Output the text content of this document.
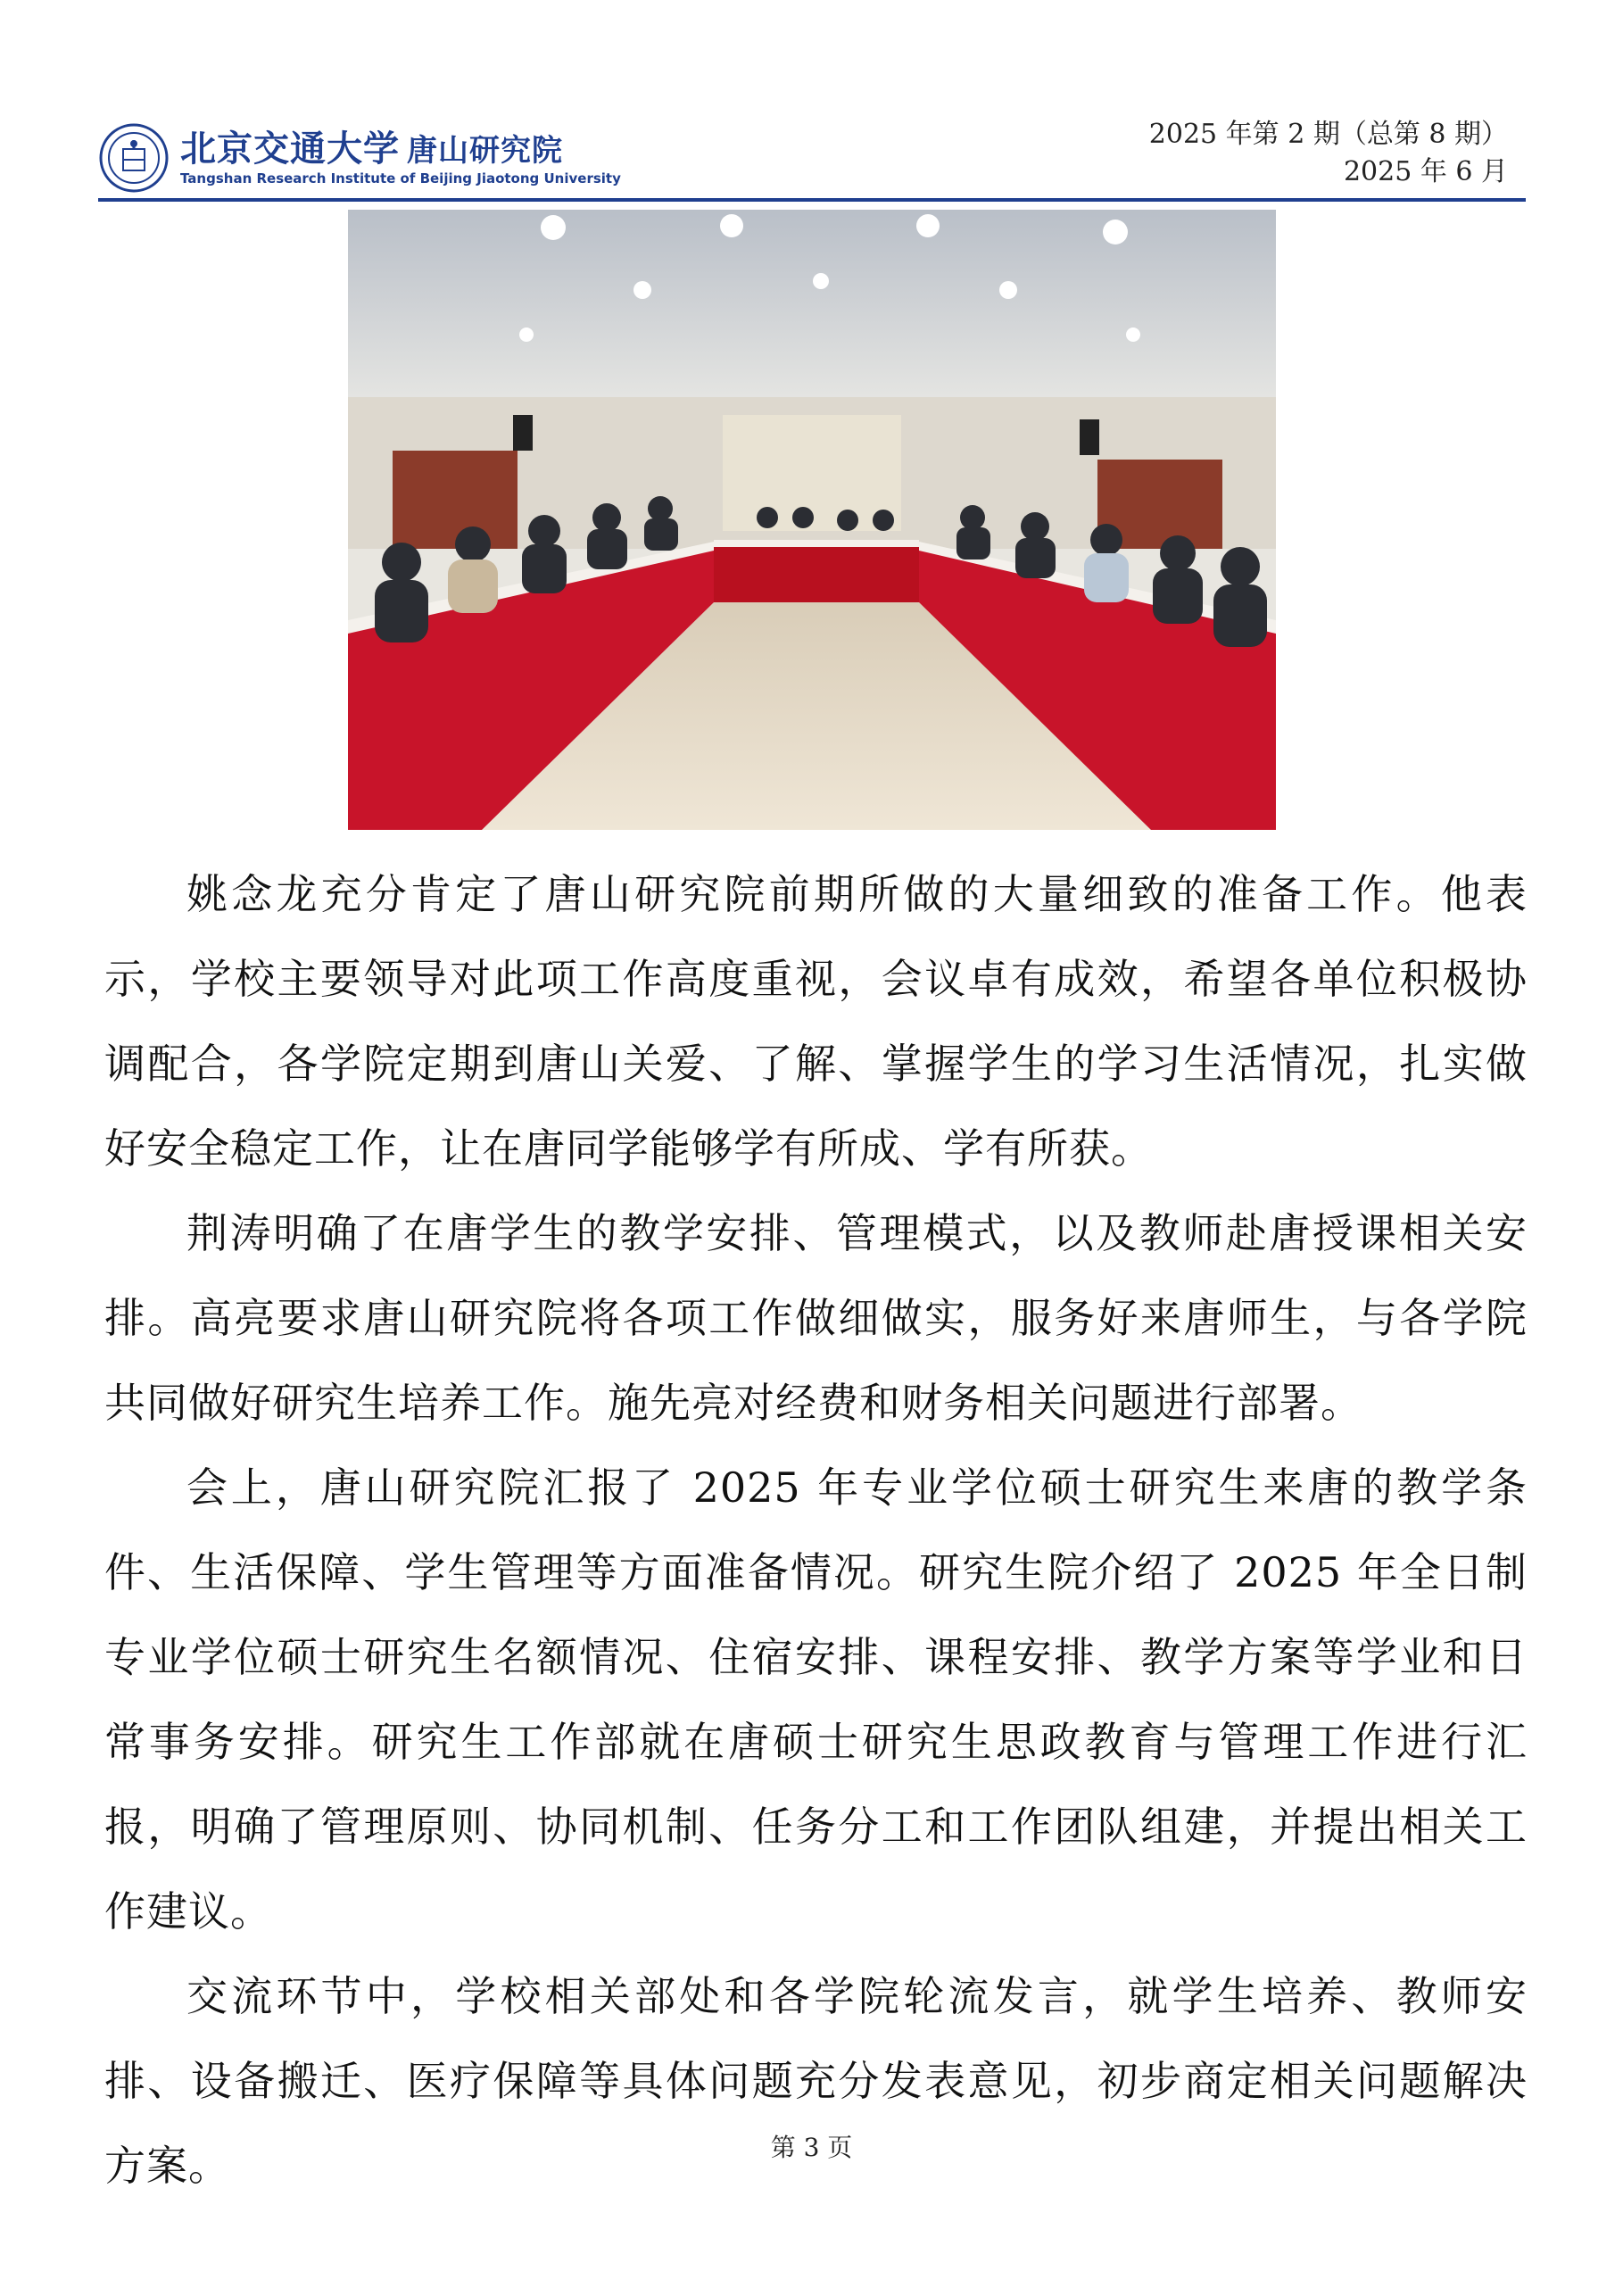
北京交通大学 唐山研究院
Tangshan Research Institute of Beijing Jiaotong University
2025 年第 2 期（总第 8 期）
2025 年 6 月

姚念龙充分肯定了唐山研究院前期所做的大量细致的准备工作。他表示，学校主要领导对此项工作高度重视，会议卓有成效，希望各单位积极协调配合，各学院定期到唐山关爱、了解、掌握学生的学习生活情况，扎实做好安全稳定工作，让在唐同学能够学有所成、学有所获。

荆涛明确了在唐学生的教学安排、管理模式，以及教师赴唐授课相关安排。高亮要求唐山研究院将各项工作做细做实，服务好来唐师生，与各学院共同做好研究生培养工作。施先亮对经费和财务相关问题进行部署。

会上，唐山研究院汇报了 2025 年专业学位硕士研究生来唐的教学条件、生活保障、学生管理等方面准备情况。研究生院介绍了 2025 年全日制专业学位硕士研究生名额情况、住宿安排、课程安排、教学方案等学业和日常事务安排。研究生工作部就在唐硕士研究生思政教育与管理工作进行汇报，明确了管理原则、协同机制、任务分工和工作团队组建，并提出相关工作建议。

交流环节中，学校相关部处和各学院轮流发言，就学生培养、教师安排、设备搬迁、医疗保障等具体问题充分发表意见，初步商定相关问题解决方案。	第 3 页
